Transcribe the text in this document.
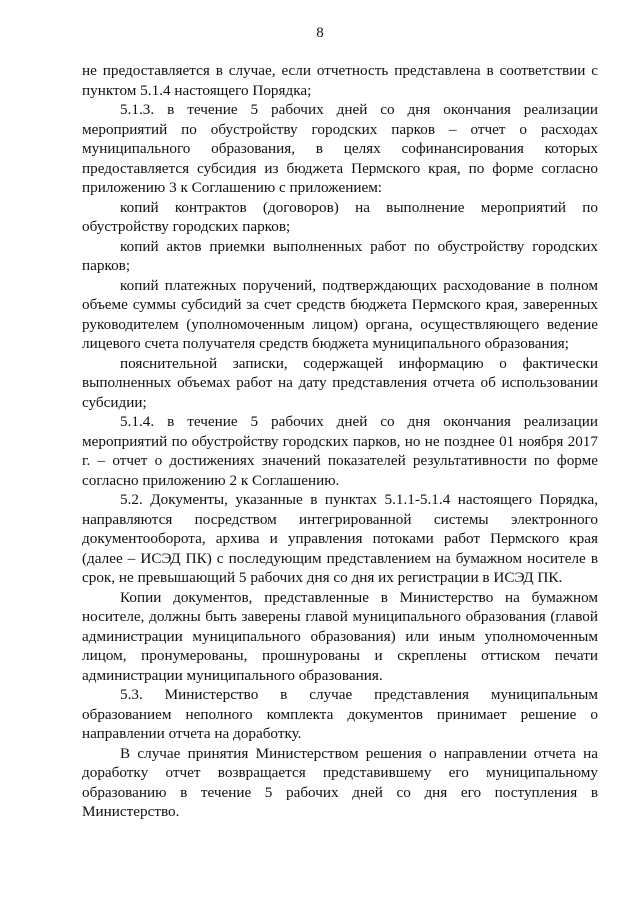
8

не предоставляется в случае, если отчетность представлена в соответствии с пунктом 5.1.4 настоящего Порядка;

5.1.3. в течение 5 рабочих дней со дня окончания реализации мероприятий по обустройству городских парков – отчет о расходах муниципального образования, в целях софинансирования которых предоставляется субсидия из бюджета Пермского края, по форме согласно приложению 3 к Соглашению с приложением:

копий контрактов (договоров) на выполнение мероприятий по обустройству городских парков;

копий актов приемки выполненных работ по обустройству городских парков;

копий платежных поручений, подтверждающих расходование в полном объеме суммы субсидий за счет средств бюджета Пермского края, заверенных руководителем (уполномоченным лицом) органа, осуществляющего ведение лицевого счета получателя средств бюджета муниципального образования;

пояснительной записки, содержащей информацию о фактически выполненных объемах работ на дату представления отчета об использовании субсидии;

5.1.4. в течение 5 рабочих дней со дня окончания реализации мероприятий по обустройству городских парков, но не позднее 01 ноября 2017 г. – отчет о достижениях значений показателей результативности по форме согласно приложению 2 к Соглашению.

5.2. Документы, указанные в пунктах 5.1.1-5.1.4 настоящего Порядка, направляются посредством интегрированной системы электронного документооборота, архива и управления потоками работ Пермского края (далее – ИСЭД ПК) с последующим представлением на бумажном носителе в срок, не превышающий 5 рабочих дня со дня их регистрации в ИСЭД ПК.

Копии документов, представленные в Министерство на бумажном носителе, должны быть заверены главой муниципального образования (главой администрации муниципального образования) или иным уполномоченным лицом, пронумерованы, прошнурованы и скреплены оттиском печати администрации муниципального образования.

5.3. Министерство в случае представления муниципальным образованием неполного комплекта документов принимает решение о направлении отчета на доработку.

В случае принятия Министерством решения о направлении отчета на доработку отчет возвращается представившему его муниципальному образованию в течение 5 рабочих дней со дня его поступления в Министерство.
